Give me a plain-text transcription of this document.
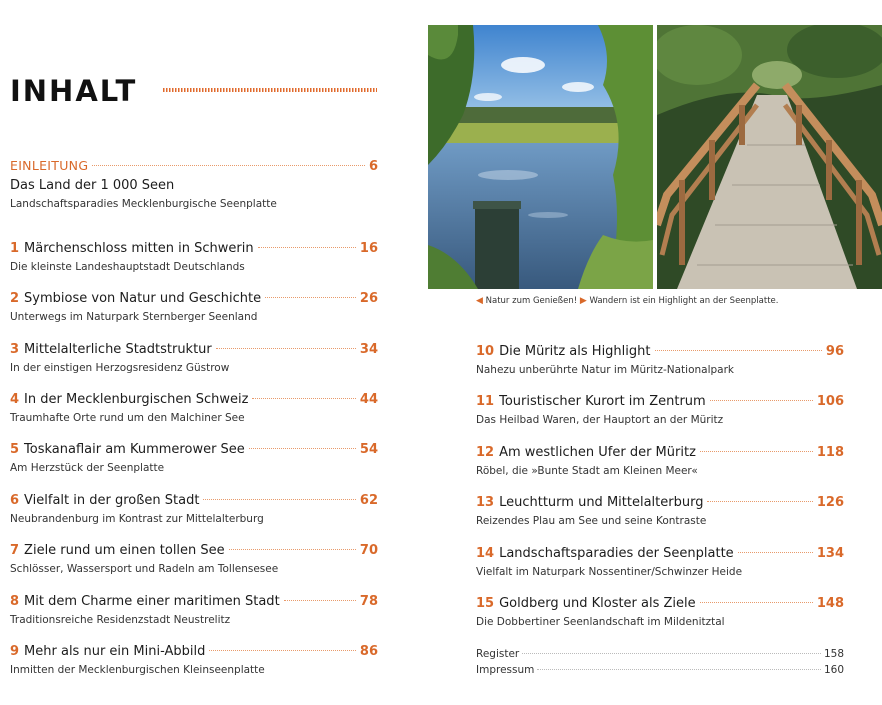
INHALT
EINLEITUNG	6
Das Land der 1 000 Seen
Landschaftsparadies Mecklenburgische Seenplatte
1 Märchenschloss mitten in Schwerin	16
Die kleinste Landeshauptstadt Deutschlands
2 Symbiose von Natur und Geschichte	26
Unterwegs im Naturpark Sternberger Seenland
3 Mittelalterliche Stadtstruktur	34
In der einstigen Herzogsresidenz Güstrow
4 In der Mecklenburgischen Schweiz	44
Traumhafte Orte rund um den Malchiner See
5 Toskanaflair am Kummerower See	54
Am Herzstück der Seenplatte
6 Vielfalt in der großen Stadt	62
Neubrandenburg im Kontrast zur Mittelalterburg
7 Ziele rund um einen tollen See	70
Schlösser, Wassersport und Radeln am Tollensesee
8 Mit dem Charme einer maritimen Stadt	78
Traditionsreiche Residenzstadt Neustrelitz
9 Mehr als nur ein Mini-Abbild	86
Inmitten der Mecklenburgischen Kleinseenplatte
◀ Natur zum Genießen! ▶ Wandern ist ein Highlight an der Seenplatte.
10 Die Müritz als Highlight	96
Nahezu unberührte Natur im Müritz-Nationalpark
11 Touristischer Kurort im Zentrum	106
Das Heilbad Waren, der Hauptort an der Müritz
12 Am westlichen Ufer der Müritz	118
Röbel, die »Bunte Stadt am Kleinen Meer«
13 Leuchtturm und Mittelalterburg	126
Reizendes Plau am See und seine Kontraste
14 Landschaftsparadies der Seenplatte	134
Vielfalt im Naturpark Nossentiner/Schwinzer Heide
15 Goldberg und Kloster als Ziele	148
Die Dobbertiner Seenlandschaft im Mildenitztal
Register	158
Impressum	160
